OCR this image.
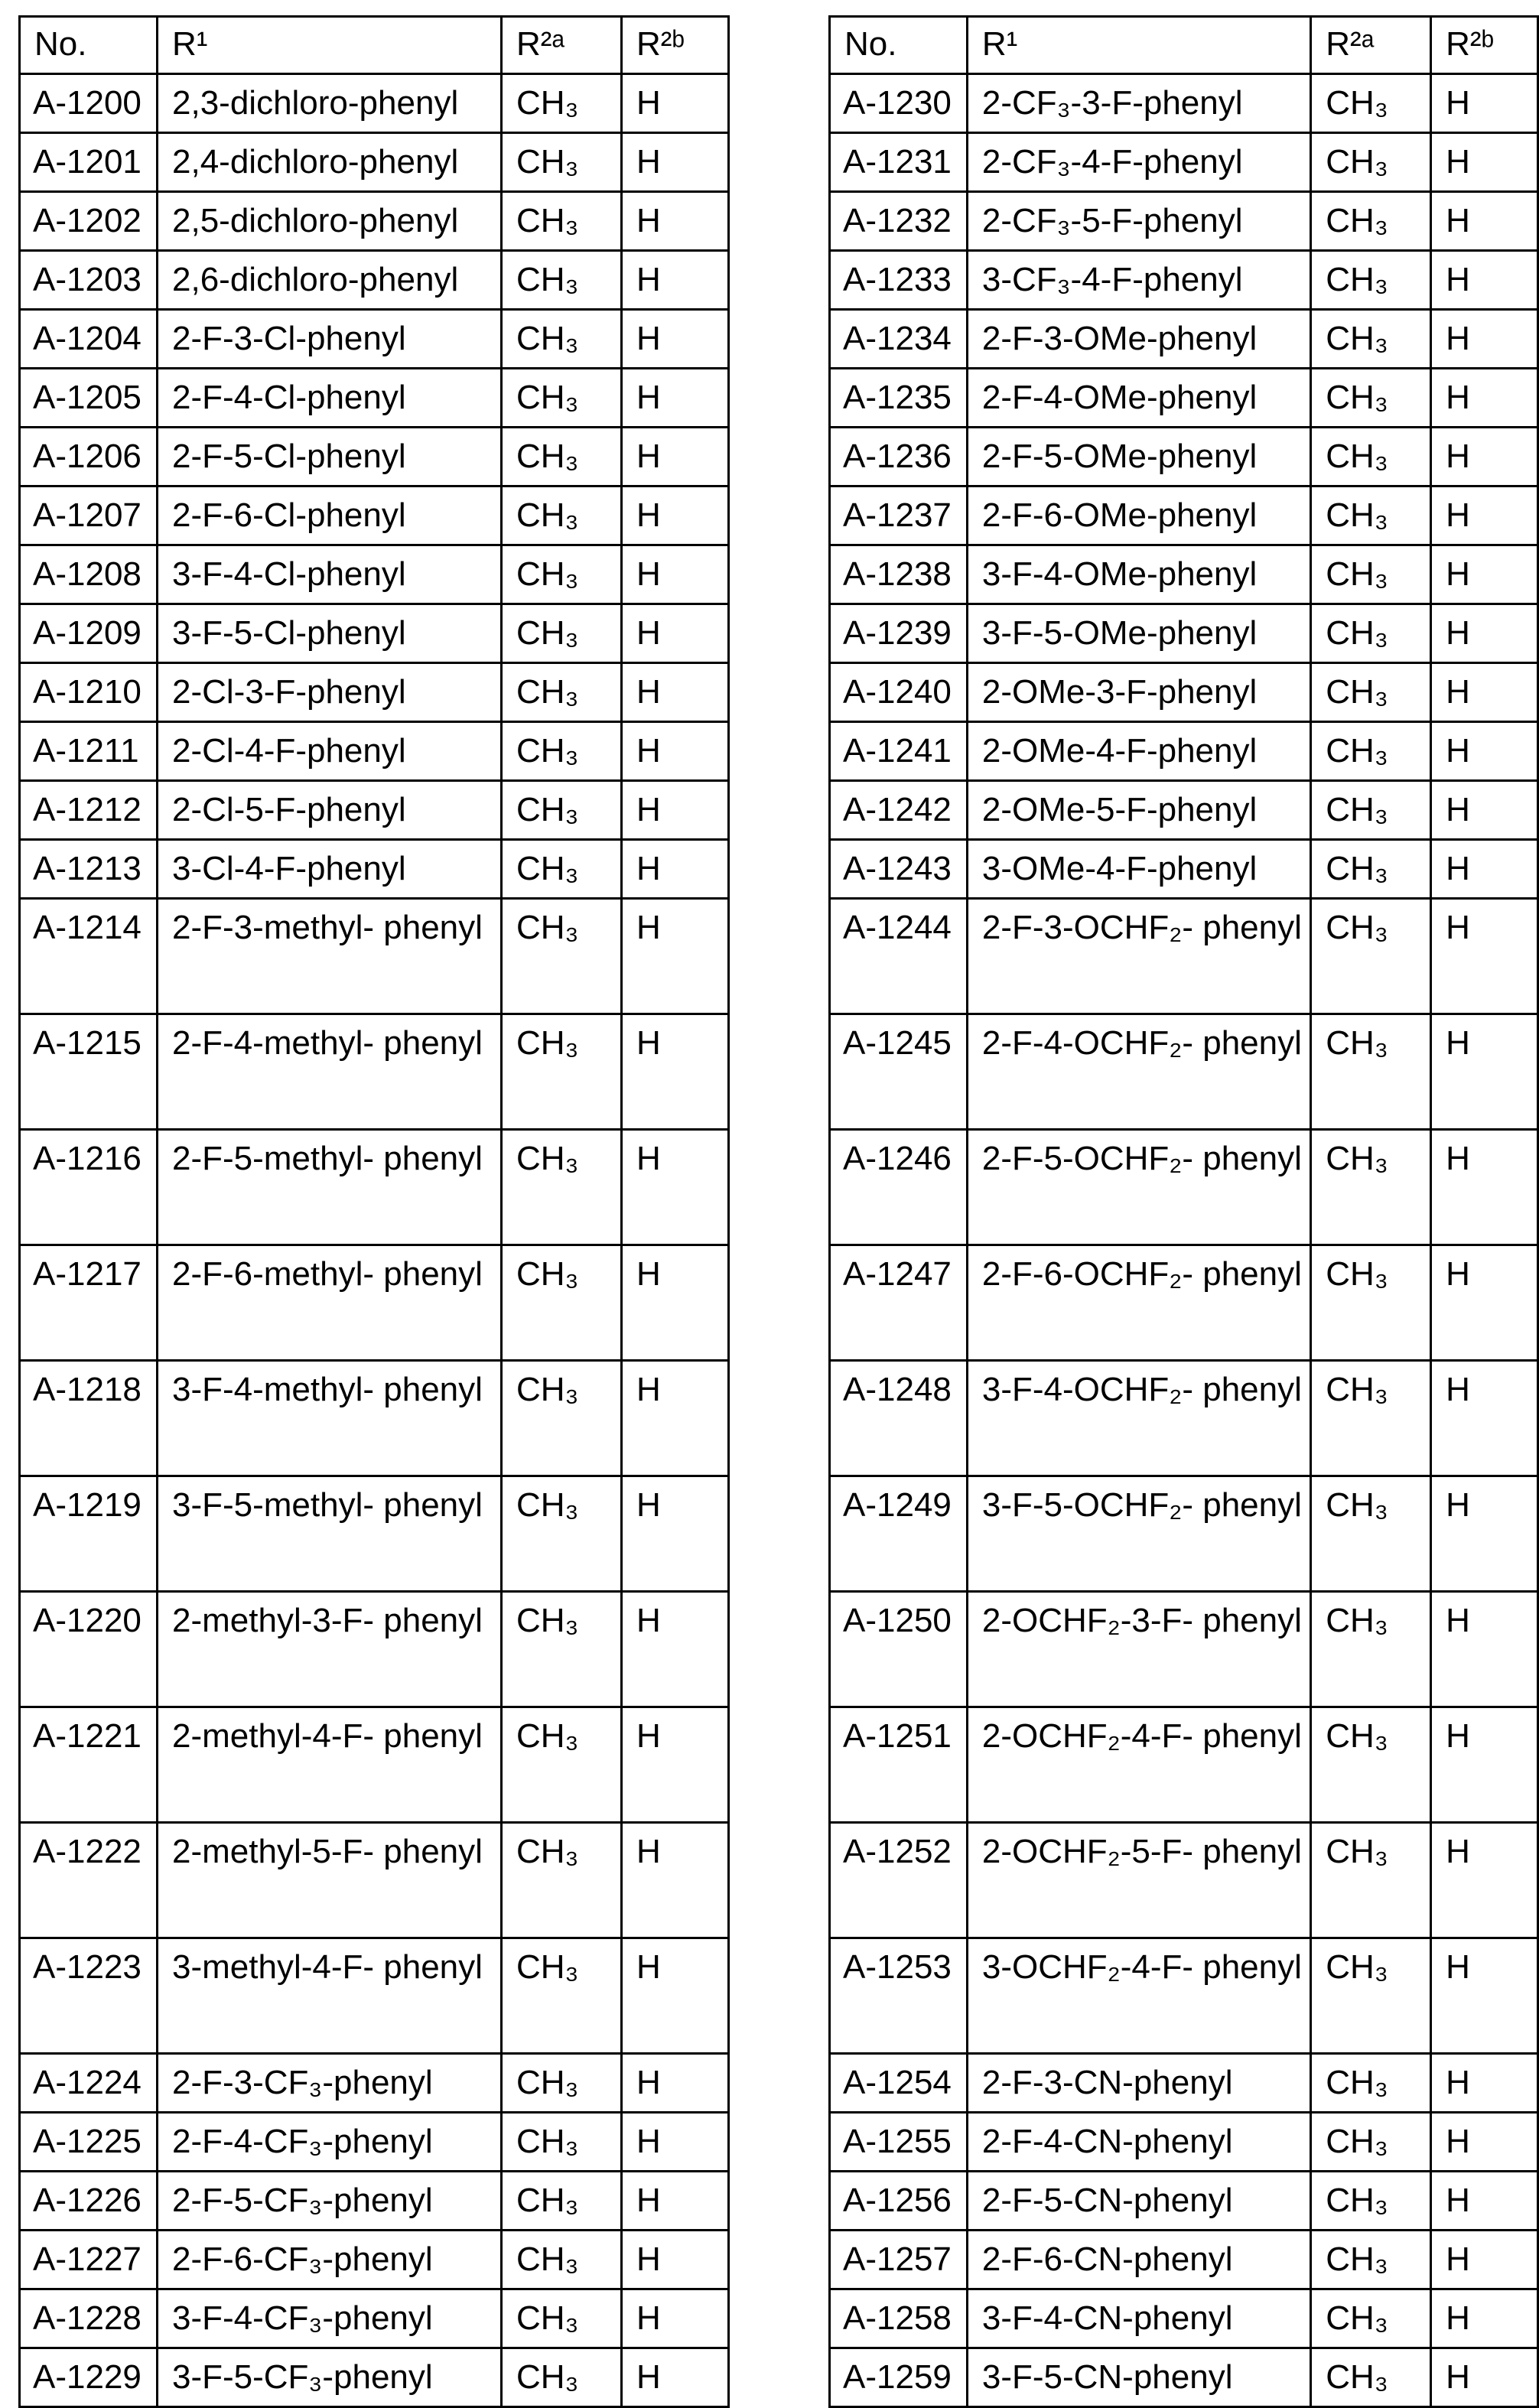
No.	R¹	R²ᵃ	R²ᵇ
A-1200	2,3-dichloro-phenyl	CH₃	H
A-1201	2,4-dichloro-phenyl	CH₃	H
A-1202	2,5-dichloro-phenyl	CH₃	H
A-1203	2,6-dichloro-phenyl	CH₃	H
A-1204	2-F-3-Cl-phenyl	CH₃	H
A-1205	2-F-4-Cl-phenyl	CH₃	H
A-1206	2-F-5-Cl-phenyl	CH₃	H
A-1207	2-F-6-Cl-phenyl	CH₃	H
A-1208	3-F-4-Cl-phenyl	CH₃	H
A-1209	3-F-5-Cl-phenyl	CH₃	H
A-1210	2-Cl-3-F-phenyl	CH₃	H
A-1211	2-Cl-4-F-phenyl	CH₃	H
A-1212	2-Cl-5-F-phenyl	CH₃	H
A-1213	3-Cl-4-F-phenyl	CH₃	H
A-1214	2-F-3-methyl- phenyl	CH₃	H
A-1215	2-F-4-methyl- phenyl	CH₃	H
A-1216	2-F-5-methyl- phenyl	CH₃	H
A-1217	2-F-6-methyl- phenyl	CH₃	H
A-1218	3-F-4-methyl- phenyl	CH₃	H
A-1219	3-F-5-methyl- phenyl	CH₃	H
A-1220	2-methyl-3-F- phenyl	CH₃	H
A-1221	2-methyl-4-F- phenyl	CH₃	H
A-1222	2-methyl-5-F- phenyl	CH₃	H
A-1223	3-methyl-4-F- phenyl	CH₃	H
A-1224	2-F-3-CF₃-phenyl	CH₃	H
A-1225	2-F-4-CF₃-phenyl	CH₃	H
A-1226	2-F-5-CF₃-phenyl	CH₃	H
A-1227	2-F-6-CF₃-phenyl	CH₃	H
A-1228	3-F-4-CF₃-phenyl	CH₃	H
A-1229	3-F-5-CF₃-phenyl	CH₃	H
No.	R¹	R²ᵃ	R²ᵇ
A-1230	2-CF₃-3-F-phenyl	CH₃	H
A-1231	2-CF₃-4-F-phenyl	CH₃	H
A-1232	2-CF₃-5-F-phenyl	CH₃	H
A-1233	3-CF₃-4-F-phenyl	CH₃	H
A-1234	2-F-3-OMe-phenyl	CH₃	H
A-1235	2-F-4-OMe-phenyl	CH₃	H
A-1236	2-F-5-OMe-phenyl	CH₃	H
A-1237	2-F-6-OMe-phenyl	CH₃	H
A-1238	3-F-4-OMe-phenyl	CH₃	H
A-1239	3-F-5-OMe-phenyl	CH₃	H
A-1240	2-OMe-3-F-phenyl	CH₃	H
A-1241	2-OMe-4-F-phenyl	CH₃	H
A-1242	2-OMe-5-F-phenyl	CH₃	H
A-1243	3-OMe-4-F-phenyl	CH₃	H
A-1244	2-F-3-OCHF₂- phenyl	CH₃	H
A-1245	2-F-4-OCHF₂- phenyl	CH₃	H
A-1246	2-F-5-OCHF₂- phenyl	CH₃	H
A-1247	2-F-6-OCHF₂- phenyl	CH₃	H
A-1248	3-F-4-OCHF₂- phenyl	CH₃	H
A-1249	3-F-5-OCHF₂- phenyl	CH₃	H
A-1250	2-OCHF₂-3-F- phenyl	CH₃	H
A-1251	2-OCHF₂-4-F- phenyl	CH₃	H
A-1252	2-OCHF₂-5-F- phenyl	CH₃	H
A-1253	3-OCHF₂-4-F- phenyl	CH₃	H
A-1254	2-F-3-CN-phenyl	CH₃	H
A-1255	2-F-4-CN-phenyl	CH₃	H
A-1256	2-F-5-CN-phenyl	CH₃	H
A-1257	2-F-6-CN-phenyl	CH₃	H
A-1258	3-F-4-CN-phenyl	CH₃	H
A-1259	3-F-5-CN-phenyl	CH₃	H
